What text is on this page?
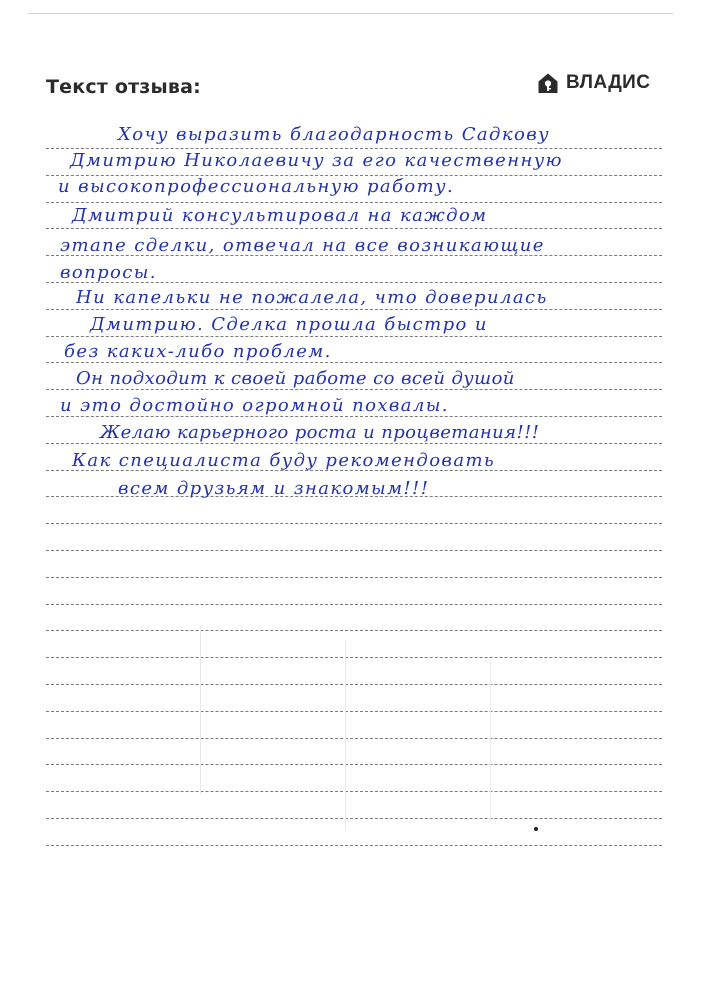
Текст отзыва:	ВЛАДИС
Хочу выразить благодарность Садкову
Дмитрию Николаевичу за его качественную
и высокопрофессиональную работу.
Дмитрий консультировал на каждом
этапе сделки, отвечал на все возникающие
вопросы.
Ни капельки не пожалела, что доверилась
Дмитрию. Сделка прошла быстро и
без каких-либо проблем.
Он подходит к своей работе со всей душой
и это достойно огромной похвалы.
Желаю карьерного роста и процветания!!!
Как специалиста буду рекомендовать
всем друзьям и знакомым!!!
